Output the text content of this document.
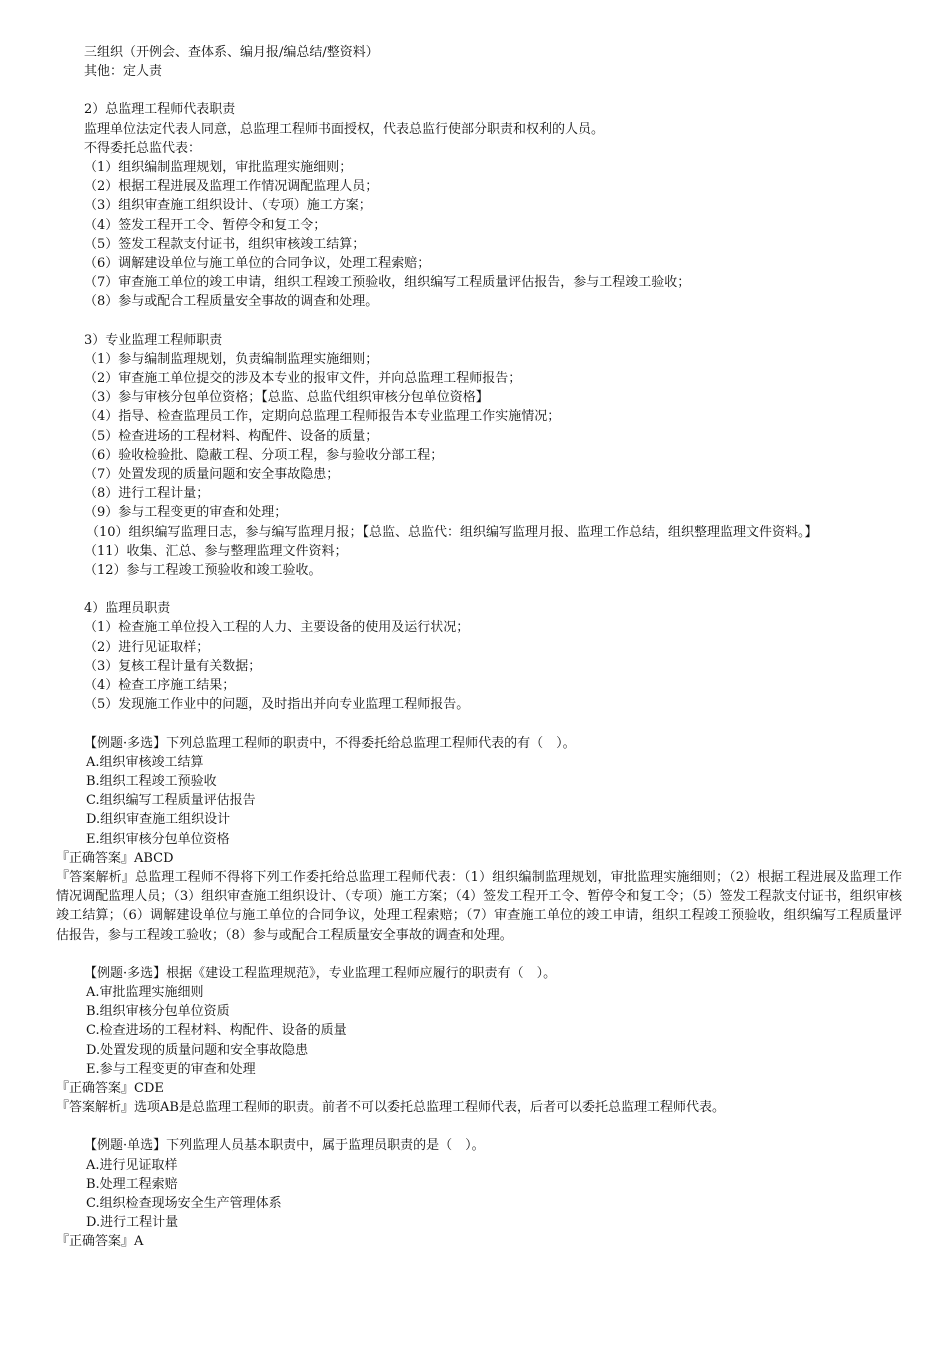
三组织（开例会、查体系、编月报/编总结/整资料）
其他：定人责
2）总监理工程师代表职责
监理单位法定代表人同意，总监理工程师书面授权，代表总监行使部分职责和权利的人员。
不得委托总监代表：
（1）组织编制监理规划，审批监理实施细则；
（2）根据工程进展及监理工作情况调配监理人员；
（3）组织审查施工组织设计、（专项）施工方案；
（4）签发工程开工令、暂停令和复工令；
（5）签发工程款支付证书，组织审核竣工结算；
（6）调解建设单位与施工单位的合同争议，处理工程索赔；
（7）审查施工单位的竣工申请，组织工程竣工预验收，组织编写工程质量评估报告，参与工程竣工验收；
（8）参与或配合工程质量安全事故的调查和处理。
3）专业监理工程师职责
（1）参与编制监理规划，负责编制监理实施细则；
（2）审查施工单位提交的涉及本专业的报审文件，并向总监理工程师报告；
（3）参与审核分包单位资格；【总监、总监代组织审核分包单位资格】
（4）指导、检查监理员工作，定期向总监理工程师报告本专业监理工作实施情况；
（5）检查进场的工程材料、构配件、设备的质量；
（6）验收检验批、隐蔽工程、分项工程，参与验收分部工程；
（7）处置发现的质量问题和安全事故隐患；
（8）进行工程计量；
（9）参与工程变更的审查和处理；
（10）组织编写监理日志，参与编写监理月报；【总监、总监代：组织编写监理月报、监理工作总结，组织整理监理文件资料。】
（11）收集、汇总、参与整理监理文件资料；
（12）参与工程竣工预验收和竣工验收。
4）监理员职责
（1）检查施工单位投入工程的人力、主要设备的使用及运行状况；
（2）进行见证取样；
（3）复核工程计量有关数据；
（4）检查工序施工结果；
（5）发现施工作业中的问题，及时指出并向专业监理工程师报告。
【例题·多选】下列总监理工程师的职责中，不得委托给总监理工程师代表的有（　）。
A.组织审核竣工结算
B.组织工程竣工预验收
C.组织编写工程质量评估报告
D.组织审查施工组织设计
E.组织审核分包单位资格
『正确答案』ABCD
『答案解析』总监理工程师不得将下列工作委托给总监理工程师代表：（1）组织编制监理规划，审批监理实施细则；（2）根据工程进展及监理工作情况调配监理人员；（3）组织审查施工组织设计、（专项）施工方案；（4）签发工程开工令、暂停令和复工令；（5）签发工程款支付证书，组织审核竣工结算；（6）调解建设单位与施工单位的合同争议，处理工程索赔；（7）审查施工单位的竣工申请，组织工程竣工预验收，组织编写工程质量评估报告，参与工程竣工验收；（8）参与或配合工程质量安全事故的调查和处理。
【例题·多选】根据《建设工程监理规范》，专业监理工程师应履行的职责有（　）。
A.审批监理实施细则
B.组织审核分包单位资质
C.检查进场的工程材料、构配件、设备的质量
D.处置发现的质量问题和安全事故隐患
E.参与工程变更的审查和处理
『正确答案』CDE
『答案解析』选项AB是总监理工程师的职责。前者不可以委托总监理工程师代表，后者可以委托总监理工程师代表。
【例题·单选】下列监理人员基本职责中，属于监理员职责的是（　）。
A.进行见证取样
B.处理工程索赔
C.组织检查现场安全生产管理体系
D.进行工程计量
『正确答案』A
